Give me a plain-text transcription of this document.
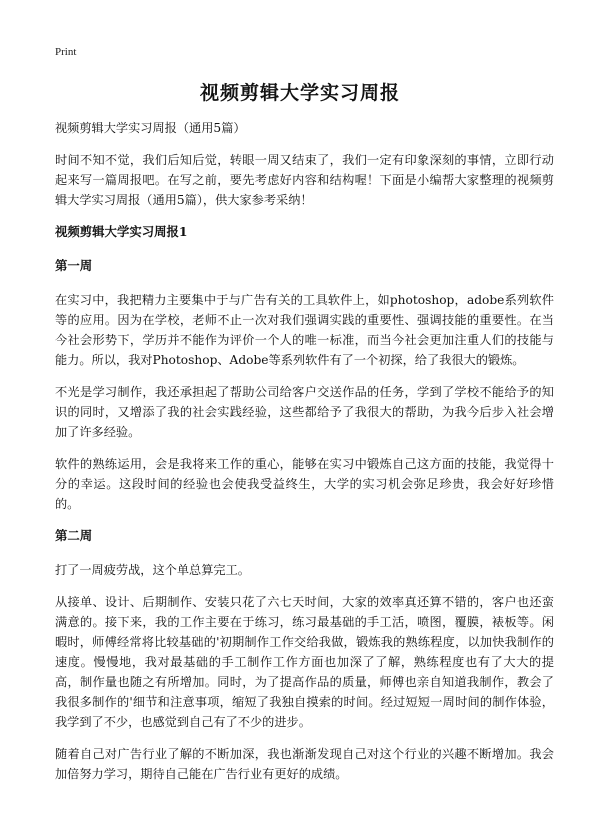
Print
视频剪辑大学实习周报

视频剪辑大学实习周报（通用5篇）

时间不知不觉，我们后知后觉，转眼一周又结束了，我们一定有印象深刻的事情，立即行动起来写一篇周报吧。在写之前，要先考虑好内容和结构喔！下面是小编帮大家整理的视频剪辑大学实习周报（通用5篇），供大家参考采纳！

视频剪辑大学实习周报1

第一周

在实习中，我把精力主要集中于与广告有关的工具软件上，如photoshop，adobe系列软件等的应用。因为在学校，老师不止一次对我们强调实践的重要性、强调技能的重要性。在当今社会形势下，学历并不能作为评价一个人的唯一标准，而当今社会更加注重人们的技能与能力。所以，我对Photoshop、Adobe等系列软件有了一个初探，给了我很大的锻炼。

不光是学习制作，我还承担起了帮助公司给客户交送作品的任务，学到了学校不能给予的知识的同时，又增添了我的社会实践经验，这些都给予了我很大的帮助，为我今后步入社会增加了许多经验。

软件的熟练运用，会是我将来工作的重心，能够在实习中锻炼自己这方面的技能，我觉得十分的幸运。这段时间的经验也会使我受益终生，大学的实习机会弥足珍贵，我会好好珍惜的。

第二周

打了一周疲劳战，这个单总算完工。

从接单、设计、后期制作、安装只花了六七天时间，大家的效率真还算不错的，客户也还蛮满意的。接下来，我的工作主要在于练习，练习最基础的手工活，喷图，覆膜，裱板等。闲暇时，师傅经常将比较基础的'初期制作工作交给我做，锻炼我的熟练程度，以加快我制作的速度。慢慢地，我对最基础的手工制作工作方面也加深了了解，熟练程度也有了大大的提高，制作量也随之有所增加。同时，为了提高作品的质量，师傅也亲自知道我制作，教会了我很多制作的'细节和注意事项，缩短了我独自摸索的时间。经过短短一周时间的制作体验，我学到了不少，也感觉到自己有了不少的进步。

随着自己对广告行业了解的不断加深，我也渐渐发现自己对这个行业的兴趣不断增加。我会加倍努力学习，期待自己能在广告行业有更好的成绩。
